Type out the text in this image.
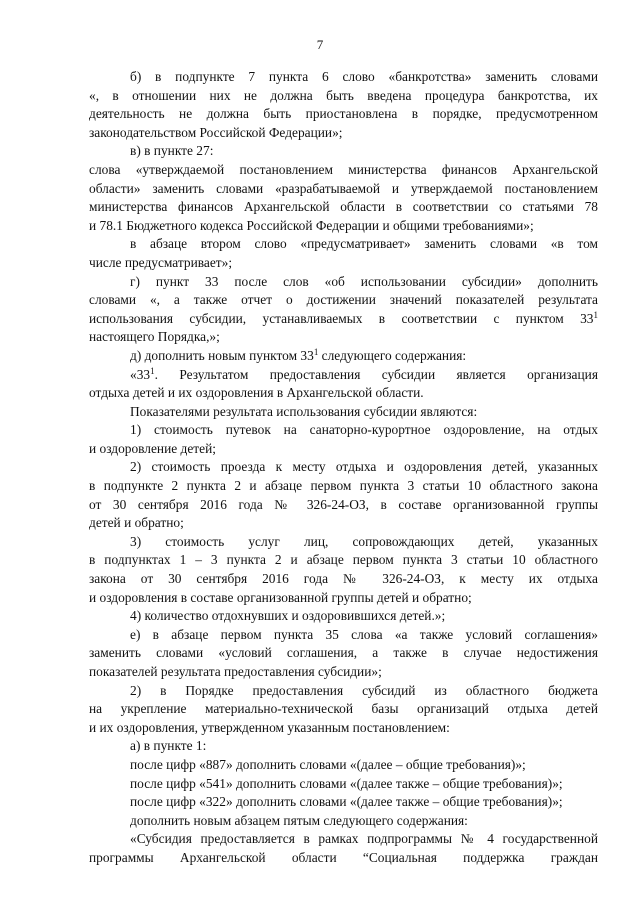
7

б) в подпункте 7 пункта 6 слово «банкротства» заменить словами

«, в отношении них не должна быть введена процедура банкротства, их

деятельность не должна быть приостановлена в порядке, предусмотренном

законодательством Российской Федерации»;

в) в пункте 27:

слова «утверждаемой постановлением министерства финансов Архангельской

области» заменить словами «разрабатываемой и утверждаемой постановлением

министерства финансов Архангельской области в соответствии со статьями 78

и 78.1 Бюджетного кодекса Российской Федерации и общими требованиями»;

в абзаце втором слово «предусматривает» заменить словами «в том

числе предусматривает»;

г) пункт 33 после слов «об использовании субсидии» дополнить

словами «, а также отчет о достижении значений показателей результата

использования субсидии, устанавливаемых в соответствии с пунктом $33^1$

настоящего Порядка,»;

д) дополнить новым пунктом $33^1$ следующего содержания:

«$33^1$. Результатом предоставления субсидии является организация

отдыха детей и их оздоровления в Архангельской области.

Показателями результата использования субсидии являются:

1) стоимость путевок на санаторно-курортное оздоровление, на отдых

и оздоровление детей;

2) стоимость проезда к месту отдыха и оздоровления детей, указанных

в подпункте 2 пункта 2 и абзаце первом пункта 3 статьи 10 областного закона

от 30 сентября 2016 года № 326-24-ОЗ, в составе организованной группы

детей и обратно;

3) стоимость услуг лиц, сопровождающих детей, указанных

в подпунктах 1 – 3 пункта 2 и абзаце первом пункта 3 статьи 10 областного

закона от 30 сентября 2016 года № 326-24-ОЗ, к месту их отдыха

и оздоровления в составе организованной группы детей и обратно;

4) количество отдохнувших и оздоровившихся детей.»;

е) в абзаце первом пункта 35 слова «а также условий соглашения»

заменить словами «условий соглашения, а также в случае недостижения

показателей результата предоставления субсидии»;

2) в Порядке предоставления субсидий из областного бюджета

на укрепление материально-технической базы организаций отдыха детей

и их оздоровления, утвержденном указанным постановлением:

а) в пункте 1:

после цифр «887» дополнить словами «(далее – общие требования)»;

после цифр «541» дополнить словами «(далее также – общие требования)»;

после цифр «322» дополнить словами «(далее также – общие требования)»;

дополнить новым абзацем пятым следующего содержания:

«Субсидия предоставляется в рамках подпрограммы № 4 государственной

программы Архангельской области “Социальная поддержка граждан
